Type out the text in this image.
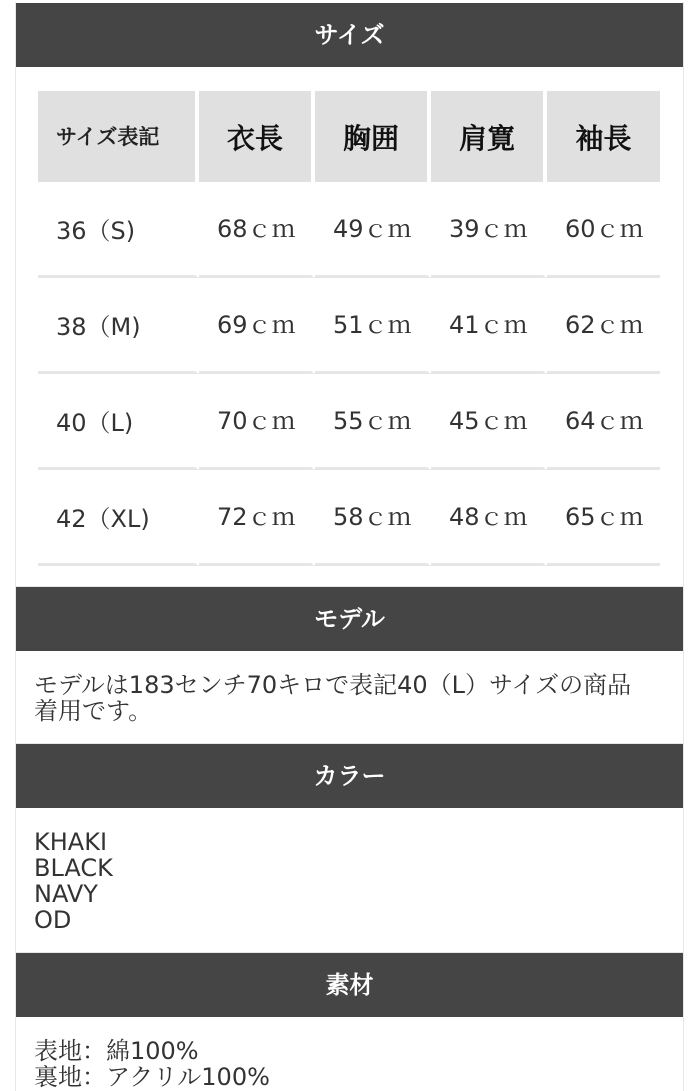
サイズ
サイズ表記	衣長	胸囲	肩寛	袖長
36（S)	68ｃｍ	49ｃｍ	39ｃｍ	60ｃｍ
38（M)	69ｃｍ	51ｃｍ	41ｃｍ	62ｃｍ
40（L)	70ｃｍ	55ｃｍ	45ｃｍ	64ｃｍ
42（XL)	72ｃｍ	58ｃｍ	48ｃｍ	65ｃｍ
モデル
モデルは183センチ70キロで表記40（L）サイズの商品着用です。
カラー
KHAKI
BLACK
NAVY
OD
素材
表地：綿100%
裏地：アクリル100%
